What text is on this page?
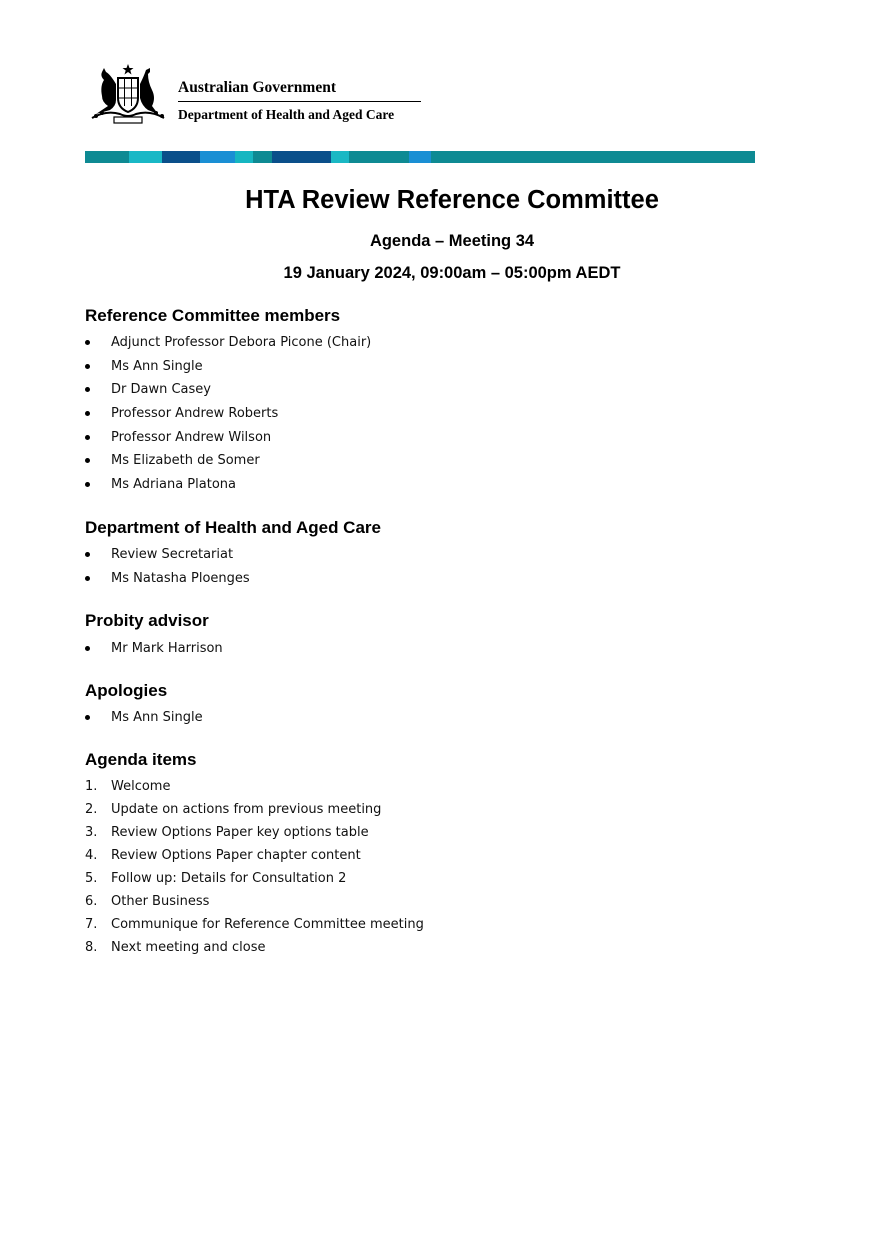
Australian Government
Department of Health and Aged Care
HTA Review Reference Committee
Agenda – Meeting 34
19 January 2024, 09:00am – 05:00pm AEDT
Reference Committee members
Adjunct Professor Debora Picone (Chair)
Ms Ann Single
Dr Dawn Casey
Professor Andrew Roberts
Professor Andrew Wilson
Ms Elizabeth de Somer
Ms Adriana Platona
Department of Health and Aged Care
Review Secretariat
Ms Natasha Ploenges
Probity advisor
Mr Mark Harrison
Apologies
Ms Ann Single
Agenda items
1. Welcome
2. Update on actions from previous meeting
3. Review Options Paper key options table
4. Review Options Paper chapter content
5. Follow up: Details for Consultation 2
6. Other Business
7. Communique for Reference Committee meeting
8. Next meeting and close
